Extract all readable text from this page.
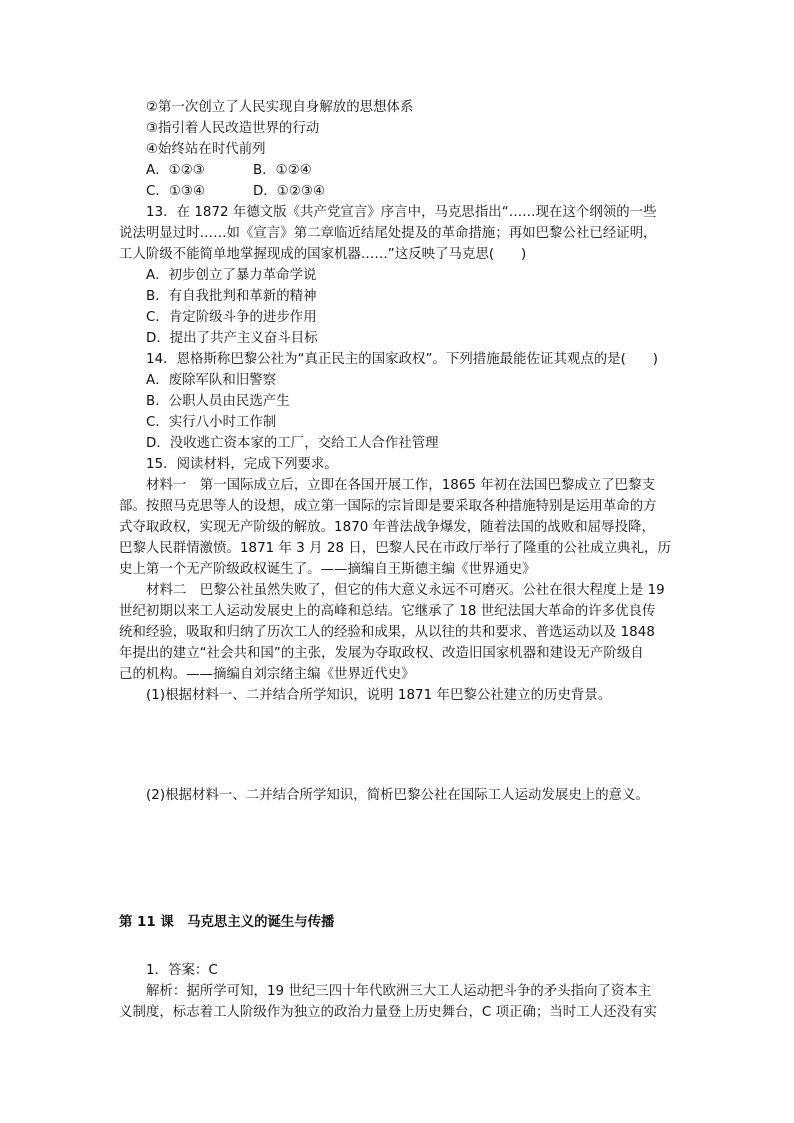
②第一次创立了人民实现自身解放的思想体系
③指引着人民改造世界的行动
④始终站在时代前列
A．①②③	B．①②④
C．①③④	D．①②③④
13．在 1872 年德文版《共产党宣言》序言中，马克思指出“……现在这个纲领的一些
说法明显过时……如《宣言》第二章临近结尾处提及的革命措施；再如巴黎公社已经证明，
工人阶级不能简单地掌握现成的国家机器……”这反映了马克思(　　)
A．初步创立了暴力革命学说
B．有自我批判和革新的精神
C．肯定阶级斗争的进步作用
D．提出了共产主义奋斗目标
14．恩格斯称巴黎公社为“真正民主的国家政权”。下列措施最能佐证其观点的是(　　)
A．废除军队和旧警察
B．公职人员由民选产生
C．实行八小时工作制
D．没收逃亡资本家的工厂，交给工人合作社管理
15．阅读材料，完成下列要求。
材料一　第一国际成立后，立即在各国开展工作，1865 年初在法国巴黎成立了巴黎支
部。按照马克思等人的设想，成立第一国际的宗旨即是要采取各种措施特别是运用革命的方
式夺取政权，实现无产阶级的解放。1870 年普法战争爆发，随着法国的战败和屈辱投降，
巴黎人民群情激愤。1871 年 3 月 28 日，巴黎人民在市政厅举行了隆重的公社成立典礼，历
史上第一个无产阶级政权诞生了。——摘编自王斯德主编《世界通史》
材料二　巴黎公社虽然失败了，但它的伟大意义永远不可磨灭。公社在很大程度上是 19
世纪初期以来工人运动发展史上的高峰和总结。它继承了 18 世纪法国大革命的许多优良传
统和经验，吸取和归纳了历次工人的经验和成果，从以往的共和要求、普选运动以及 1848
年提出的建立“社会共和国”的主张，发展为夺取政权、改造旧国家机器和建设无产阶级自
己的机构。——摘编自刘宗绪主编《世界近代史》
(1)根据材料一、二并结合所学知识，说明 1871 年巴黎公社建立的历史背景。
(2)根据材料一、二并结合所学知识，简析巴黎公社在国际工人运动发展史上的意义。
第 11 课　马克思主义的诞生与传播
1．答案：C
解析：据所学可知，19 世纪三四十年代欧洲三大工人运动把斗争的矛头指向了资本主
义制度，标志着工人阶级作为独立的政治力量登上历史舞台，C 项正确；当时工人还没有实
